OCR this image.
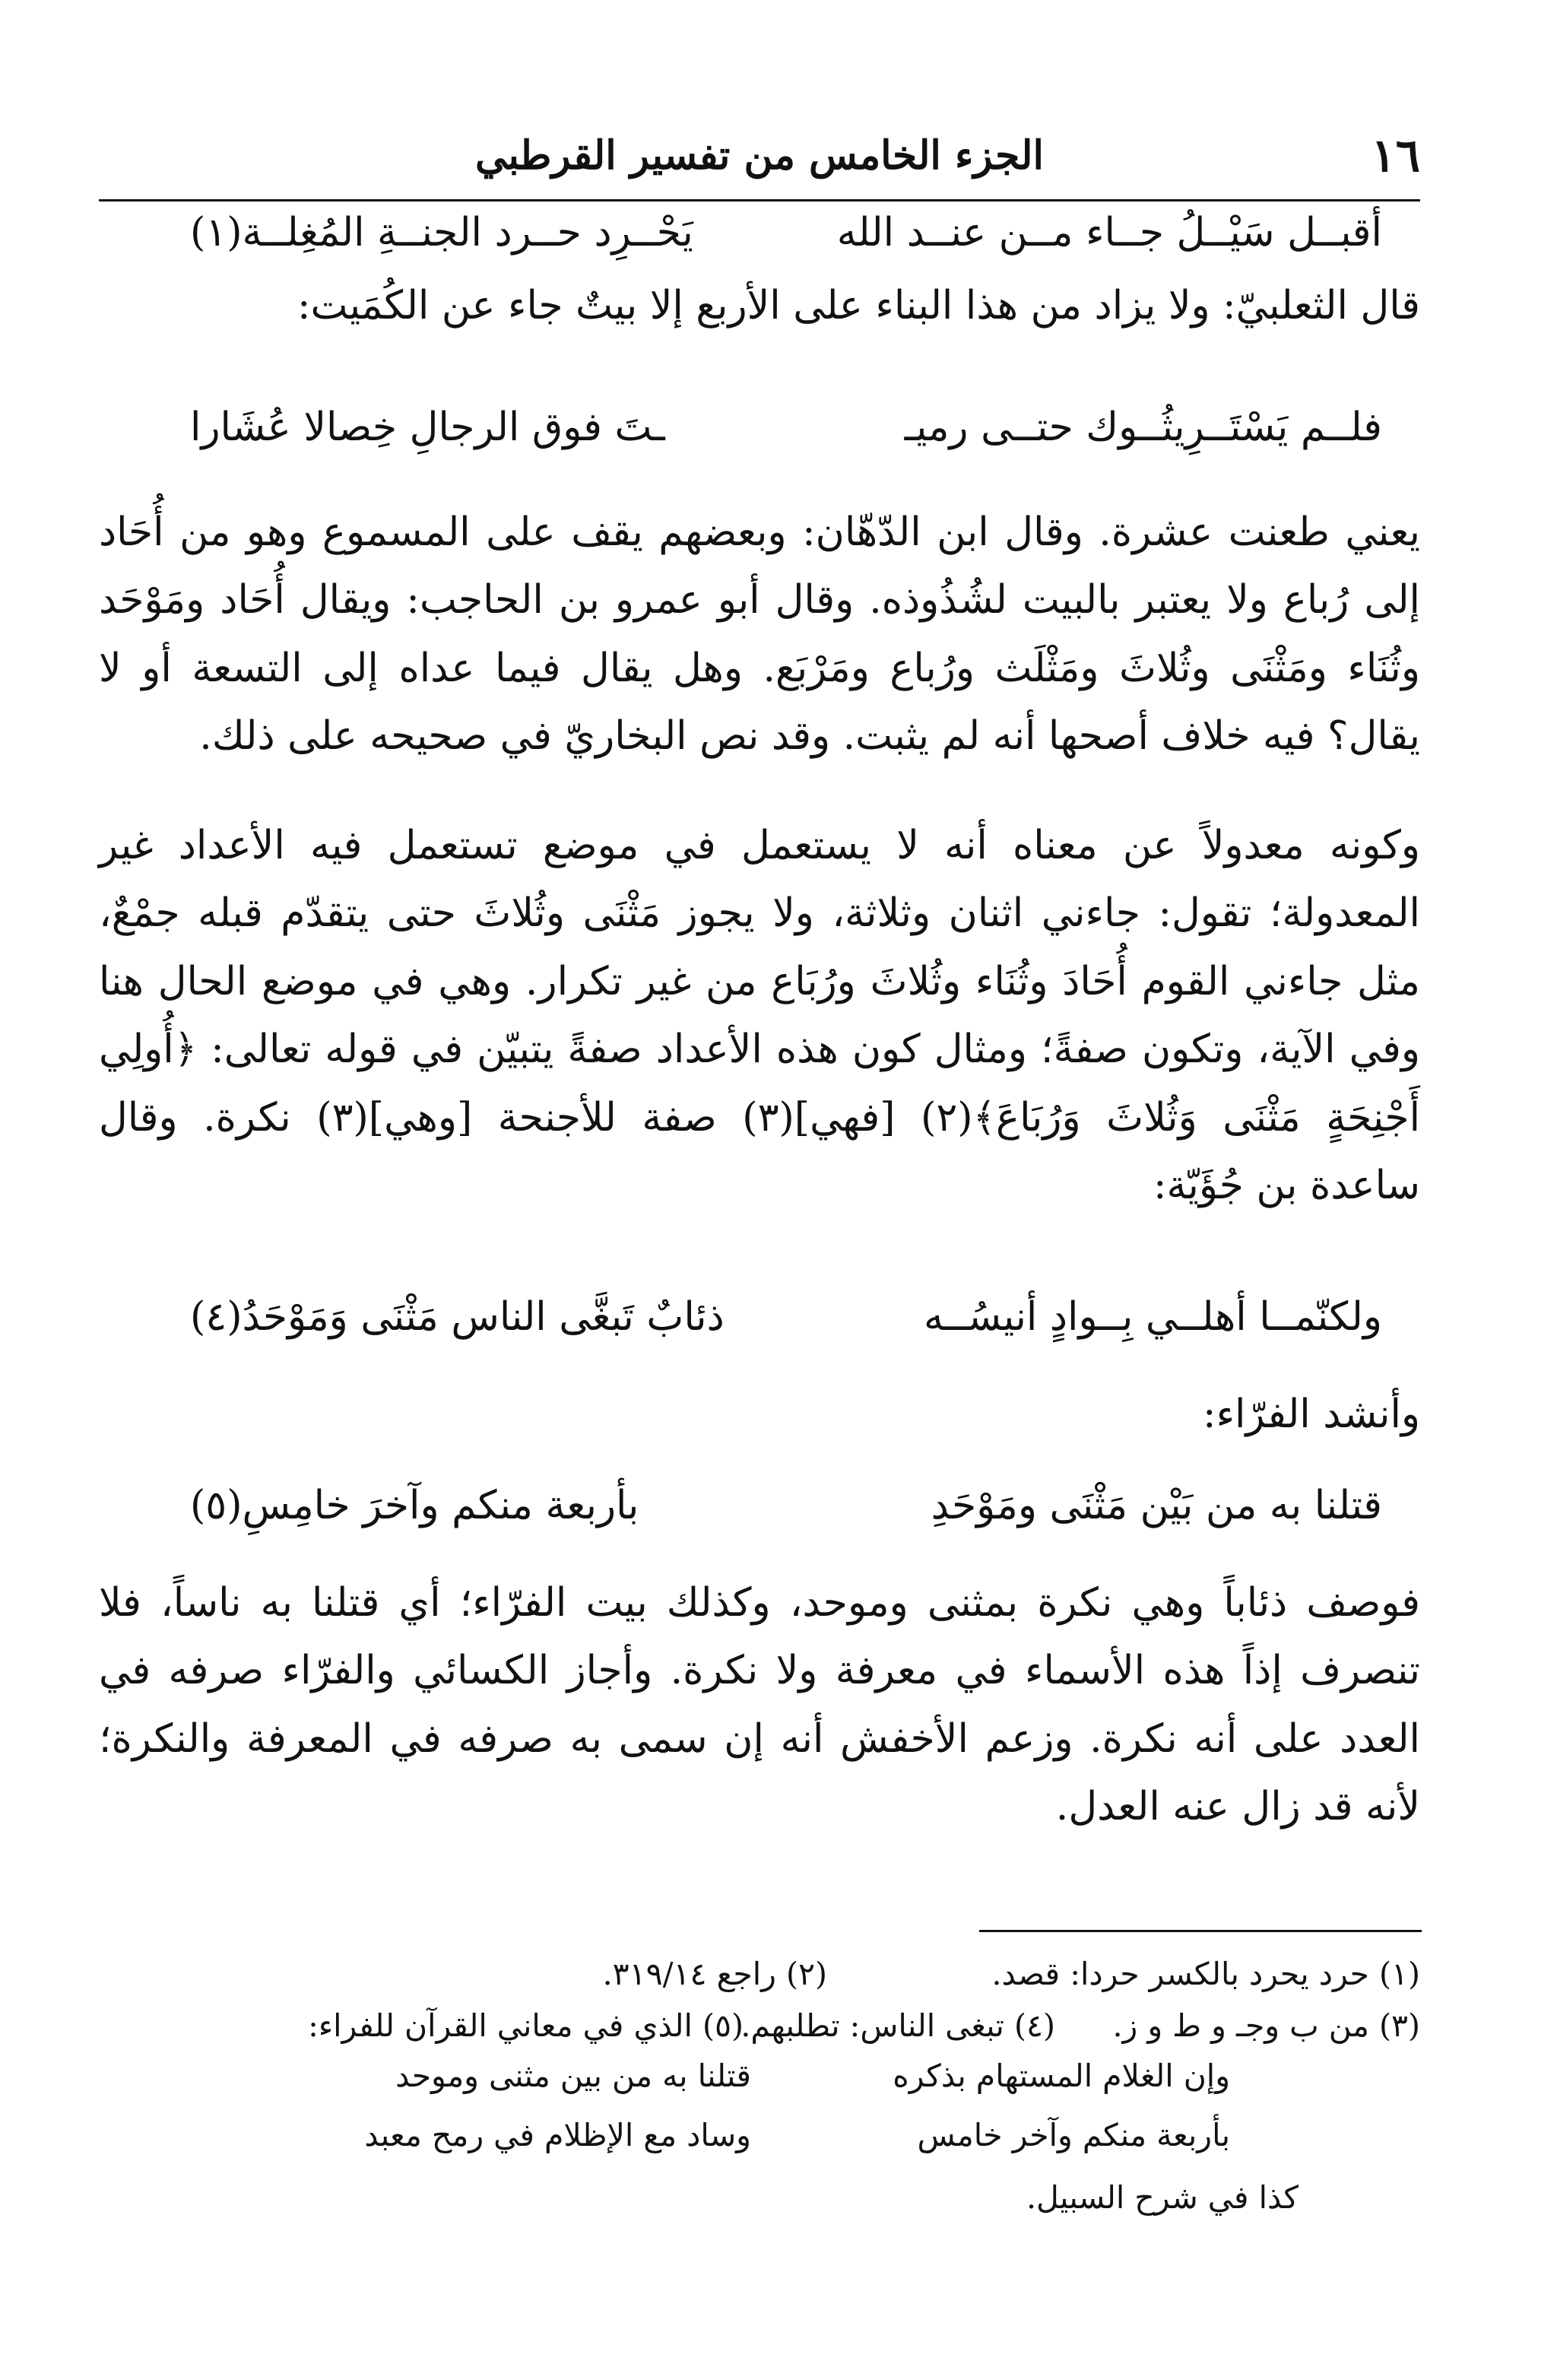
١٦
الجزء الخامس من تفسير القرطبي
أقبــل سَيْــلُ جــاء مــن عنــد الله
يَحْــرِد حــرد الجنــةِ المُغِلــة(١)

قال الثعلبيّ: ولا يزاد من هذا البناء على الأربع إلا بيتٌ جاء عن الكُمَيت:

فلــم يَسْتَــرِيثُــوك حتــى رميـ
ـتَ فوق الرجالِ خِصالا عُشَارا

يعني طعنت عشرة. وقال ابن الدّهّان: وبعضهم يقف على المسموع وهو من أُحَاد إلى رُباع ولا يعتبر بالبيت لشُذُوذه. وقال أبو عمرو بن الحاجب: ويقال أُحَاد ومَوْحَد وثُنَاء ومَثْنَى وثُلاثَ ومَثْلَث ورُباع ومَرْبَع. وهل يقال فيما عداه إلى التسعة أو لا يقال؟ فيه خلاف أصحها أنه لم يثبت. وقد نص البخاريّ في صحيحه على ذلك.

وكونه معدولاً عن معناه أنه لا يستعمل في موضع تستعمل فيه الأعداد غير المعدولة؛ تقول: جاءني اثنان وثلاثة، ولا يجوز مَثْنَى وثُلاثَ حتى يتقدّم قبله جمْعٌ، مثل جاءني القوم أُحَادَ وثُنَاء وثُلاثَ ورُبَاع من غير تكرار. وهي في موضع الحال هنا وفي الآية، وتكون صفةً؛ ومثال كون هذه الأعداد صفةً يتبيّن في قوله تعالى: ﴿أُولِي أَجْنِحَةٍ مَثْنَى وَثُلاثَ وَرُبَاعَ﴾(٢) [فهي](٣) صفة للأجنحة [وهي](٣) نكرة. وقال ساعدة بن جُؤَيّة:

ولكنّمــا أهلــي بِــوادٍ أنيسُــه
ذئابٌ تَبغَّى الناس مَثْنَى وَمَوْحَدُ(٤)

وأنشد الفرّاء:

قتلنا به من بَيْن مَثْنَى ومَوْحَدِ
بأربعة منكم وآخرَ خامِسِ(٥)

فوصف ذئاباً وهي نكرة بمثنى وموحد، وكذلك بيت الفرّاء؛ أي قتلنا به ناساً، فلا تنصرف إذاً هذه الأسماء في معرفة ولا نكرة. وأجاز الكسائي والفرّاء صرفه في العدد على أنه نكرة. وزعم الأخفش أنه إن سمى به صرفه في المعرفة والنكرة؛ لأنه قد زال عنه العدل.

(١) حرد يحرد بالكسر حردا: قصد.

(٢) راجع ٣١٩/١٤.

(٣) من ب وجـ و ط و ز.

(٤) تبغى الناس: تطلبهم.

(٥) الذي في معاني القرآن للفراء:

وإن الغلام المستهام بذكره
قتلنا به من بين مثنى وموحد
بأربعة منكم وآخر خامس
وساد مع الإظلام في رمح معبد

كذا في شرح السبيل.
